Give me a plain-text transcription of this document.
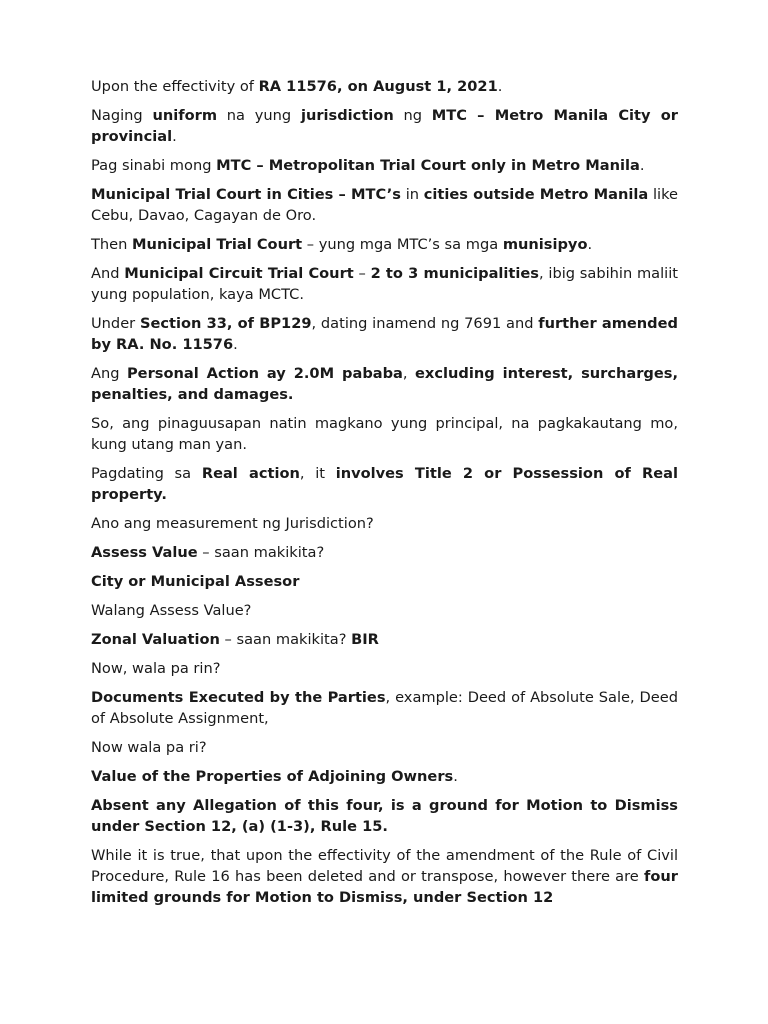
Upon the effectivity of RA 11576, on August 1, 2021.

Naging uniform na yung jurisdiction ng MTC – Metro Manila City or provincial.

Pag sinabi mong MTC – Metropolitan Trial Court only in Metro Manila.

Municipal Trial Court in Cities – MTC’s in cities outside Metro Manila like Cebu, Davao, Cagayan de Oro.

Then Municipal Trial Court – yung mga MTC’s sa mga munisipyo.

And Municipal Circuit Trial Court – 2 to 3 municipalities, ibig sabihin maliit yung population, kaya MCTC.

Under Section 33, of BP129, dating inamend ng 7691 and further amended by RA. No. 11576.

Ang Personal Action ay 2.0M pababa, excluding interest, surcharges, penalties, and damages.

So, ang pinaguusapan natin magkano yung principal, na pagkakautang mo, kung utang man yan.

Pagdating sa Real action, it involves Title 2 or Possession of Real property.

Ano ang measurement ng Jurisdiction?

Assess Value – saan makikita?

City or Municipal Assesor

Walang Assess Value?

Zonal Valuation – saan makikita? BIR

Now, wala pa rin?

Documents Executed by the Parties, example: Deed of Absolute Sale, Deed of Absolute Assignment,

Now wala pa ri?

Value of the Properties of Adjoining Owners.

Absent any Allegation of this four, is a ground for Motion to Dismiss under Section 12, (a) (1-3), Rule 15.

While it is true, that upon the effectivity of the amendment of the Rule of Civil Procedure, Rule 16 has been deleted and or transpose, however there are four limited grounds for Motion to Dismiss, under Section 12
